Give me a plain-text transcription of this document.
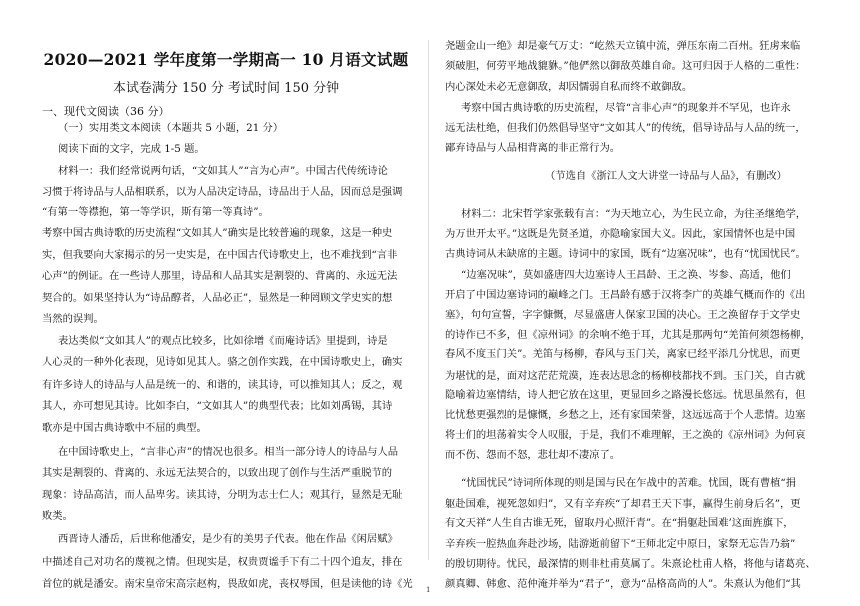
2020—2021 学年度第一学期高一 10 月语文试题
本试卷满分 150 分 考试时间 150 分钟
一、现代文阅读（36 分）
（一）实用类文本阅读（本题共 5 小题，21 分）
阅读下面的文字，完成 1-5 题。
材料一：我们经常说两句话，“文如其人”“言为心声”。中国古代传统诗论
习惯于将诗品与人品相联系，以为人品决定诗品，诗品出于人品，因而总是强调
“有第一等襟抱，第一等学识，斯有第一等真诗”。
考察中国古典诗歌的历史流程“文如其人”确实是比较普遍的现象，这是一种史
实，但我要向大家揭示的另一史实是，在中国古代诗歌史上，也不难找到“言非
心声”的例证。在一些诗人那里，诗品和人品其实是割裂的、背离的、永远无法
契合的。如果坚持认为“诗品醇者，人品必正”，显然是一种罔顾文学史实的想
当然的误判。
表达类似“文如其人”的观点比较多，比如徐增《而庵诗话》里提到，诗是
人心灵的一种外化表现，见诗如见其人。骆之创作实践，在中国诗歌史上，确实
有许多诗人的诗品与人品是统一的、和谐的，读其诗，可以推知其人；反之，观
其人，亦可想见其诗。比如李白，“文如其人”的典型代表；比如刘禹锡，其诗
歌亦是中国古典诗歌中不屈的典型。
在中国诗歌史上，“言非心声”的情况也很多。相当一部分诗人的诗品与人品
其实是割裂的、背离的、永远无法契合的，以致出现了创作与生活严重脱节的
现象：诗品高洁，而人品卑劣。读其诗，分明为志士仁人；观其行，显然是无耻
败类。
西晋诗人潘岳，后世称他潘安，是少有的美男子代表。他在作品《闲居赋》
中描述自己对功名的蔑视之情。但现实是，权贵贾谧手下有二十四个追友，排在
首位的就是潘安。南宋皇帝宋高宗赵构，畏敌如虎，丧权辱国，但是读他的诗《光
尧题金山一绝》却是豪气万丈：“屹然天立镇中流，弹压东南二百州。狂虏来临
须破胆，何劳平地战貔貅。”他俨然以御敌英雄自命。这可归因于人格的二重性：
内心深处未必无意御敌，却因懦弱自私而终不敢御敌。
考察中国古典诗歌的历史流程，尽管“言非心声”的现象并不罕见，也许永
远无法杜绝，但我们仍然倡导坚守“文如其人”的传统，倡导诗品与人品的统一，
鄙弃诗品与人品相背离的非正常行为。
（节选自《浙江人文大讲堂一诗品与人品》，有删改）
材料二：北宋哲学家张载有言：“为天地立心，为生民立命，为往圣继绝学，
为万世开太平。”这既是先贤圣道，亦隐喻家国大义。因此，家国情怀也是中国
古典诗词从未缺席的主题。诗词中的家国，既有“边塞况味”，也有“忧国忧民”。
“边塞况味”，莫如盛唐四大边塞诗人王昌龄、王之涣、岑参、高适，他们
开启了中国边塞诗词的巅峰之门。王昌龄有感于汉将李广的英雄气概而作的《出
塞》，句句宣誓，字字慷慨，尽显盛唐人保家卫国的决心。王之涣留存于文学史
的诗作已不多，但《凉州词》的余响不绝于耳，尤其是那两句“羌笛何须怨杨柳，
春风不度玉门关”。羌笛与杨柳，春风与玉门关，离家已经平添几分忧思，而更
为堪忧的是，面对这茫茫荒漠，连表达思念的杨柳枝都找不到。玉门关，自古就
隐喻着边塞情结，诗人把它放在这里，更显回乡之路漫长悠远。忧思虽然有，但
比忧愁更强烈的是慷慨，乡愁之上，还有家国荣誉，这远远高于个人悲情。边塞
将士们的坦荡着实令人叹服，于是，我们不难理解，王之涣的《凉州词》为何哀
而不伤、怨而不怒，悲壮却不凄凉了。
“忧国忧民”诗词所体现的则是国与民在乍战中的苦难。忧国，既有曹植“捐
躯赴国难，视死忽如归”，又有辛弃疾“了却君王天下事，赢得生前身后名”，更
有文天祥“人生自古谁无死，留取丹心照汗青”。在“捐躯赴国难’这面旌旗下，
辛弃疾一腔热血奔赴沙场，陆游逝前留下“王师北定中原日，家祭无忘告乃翁”
的殷切期待。忧民，最深情的则非杜甫莫属了。朱熹论杜甫人格，将他与诸葛亮、
颜真卿、韩愈、范仲淹并举为“君子”，意为“品格高尚的人”。朱熹认为他们“其
1
